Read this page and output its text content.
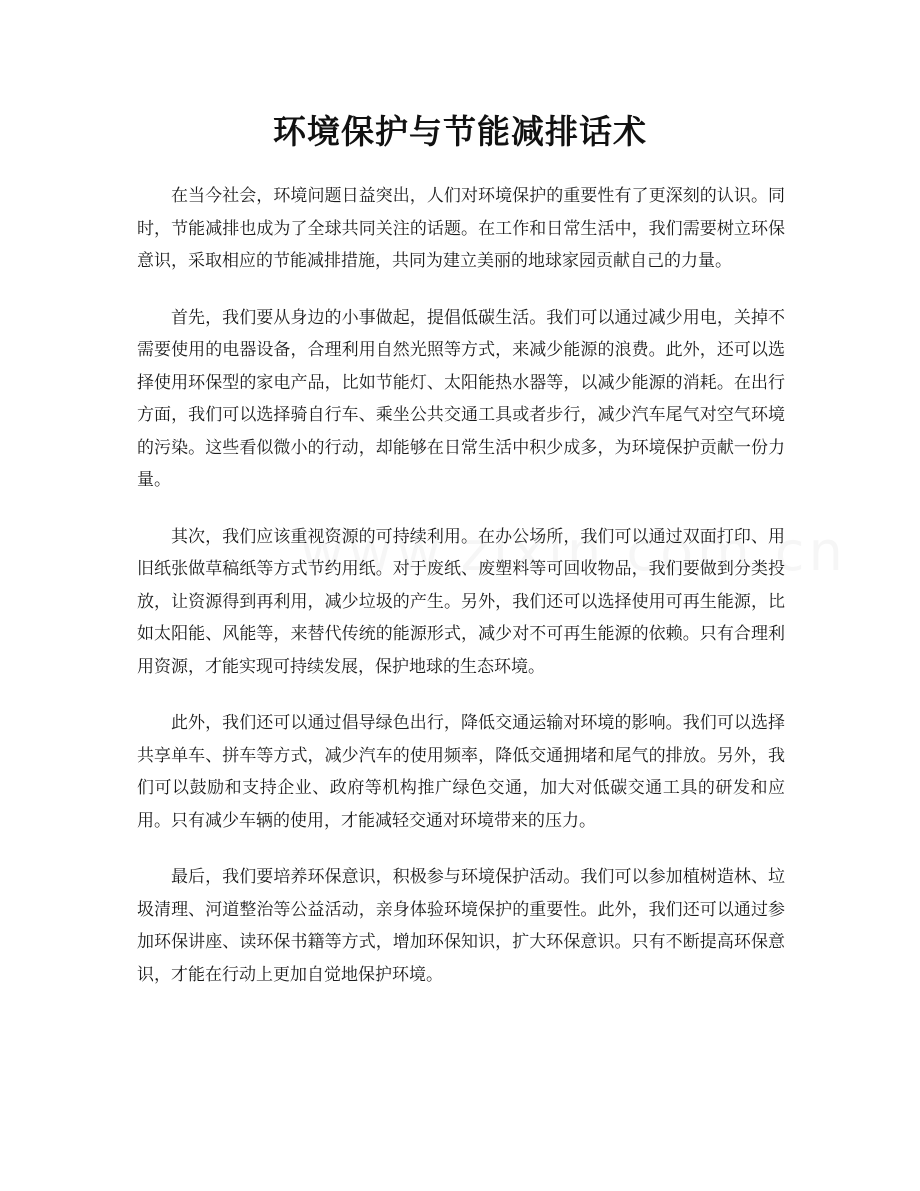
环境保护与节能减排话术

在当今社会，环境问题日益突出，人们对环境保护的重要性有了更深刻的认识。同时，节能减排也成为了全球共同关注的话题。在工作和日常生活中，我们需要树立环保意识，采取相应的节能减排措施，共同为建立美丽的地球家园贡献自己的力量。

首先，我们要从身边的小事做起，提倡低碳生活。我们可以通过减少用电，关掉不需要使用的电器设备，合理利用自然光照等方式，来减少能源的浪费。此外，还可以选择使用环保型的家电产品，比如节能灯、太阳能热水器等，以减少能源的消耗。在出行方面，我们可以选择骑自行车、乘坐公共交通工具或者步行，减少汽车尾气对空气环境的污染。这些看似微小的行动，却能够在日常生活中积少成多，为环境保护贡献一份力量。

其次，我们应该重视资源的可持续利用。在办公场所，我们可以通过双面打印、用旧纸张做草稿纸等方式节约用纸。对于废纸、废塑料等可回收物品，我们要做到分类投放，让资源得到再利用，减少垃圾的产生。另外，我们还可以选择使用可再生能源，比如太阳能、风能等，来替代传统的能源形式，减少对不可再生能源的依赖。只有合理利用资源，才能实现可持续发展，保护地球的生态环境。

此外，我们还可以通过倡导绿色出行，降低交通运输对环境的影响。我们可以选择共享单车、拼车等方式，减少汽车的使用频率，降低交通拥堵和尾气的排放。另外，我们可以鼓励和支持企业、政府等机构推广绿色交通，加大对低碳交通工具的研发和应用。只有减少车辆的使用，才能减轻交通对环境带来的压力。

最后，我们要培养环保意识，积极参与环境保护活动。我们可以参加植树造林、垃圾清理、河道整治等公益活动，亲身体验环境保护的重要性。此外，我们还可以通过参加环保讲座、读环保书籍等方式，增加环保知识，扩大环保意识。只有不断提高环保意识，才能在行动上更加自觉地保护环境。
